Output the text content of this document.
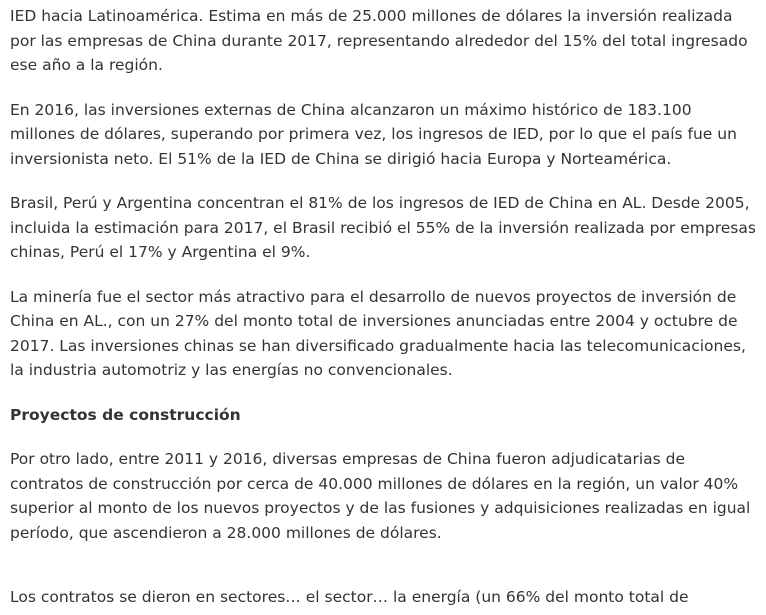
IED hacia Latinoamérica. Estima en más de 25.000 millones de dólares la inversión realizada por las empresas de China durante 2017, representando alrededor del 15% del total ingresado ese año a la región.

En 2016, las inversiones externas de China alcanzaron un máximo histórico de 183.100 millones de dólares, superando por primera vez, los ingresos de IED, por lo que el país fue un inversionista neto. El 51% de la IED de China se dirigió hacia Europa y Norteamérica.

Brasil, Perú y Argentina concentran el 81% de los ingresos de IED de China en AL. Desde 2005, incluida la estimación para 2017, el Brasil recibió el 55% de la inversión realizada por empresas chinas, Perú el 17% y Argentina el 9%.

La minería fue el sector más atractivo para el desarrollo de nuevos proyectos de inversión de China en AL., con un 27% del monto total de inversiones anunciadas entre 2004 y octubre de 2017. Las inversiones chinas se han diversificado gradualmente hacia las telecomunicaciones, la industria automotriz y las energías no convencionales.

Proyectos de construcción

Por otro lado, entre 2011 y 2016, diversas empresas de China fueron adjudicatarias de contratos de construcción por cerca de 40.000 millones de dólares en la región, un valor 40% superior al monto de los nuevos proyectos y de las fusiones y adquisiciones realizadas en igual período, que ascendieron a 28.000 millones de dólares.

Los contratos se dieron en sectores… el sector… la energía (un 66% del monto total de
